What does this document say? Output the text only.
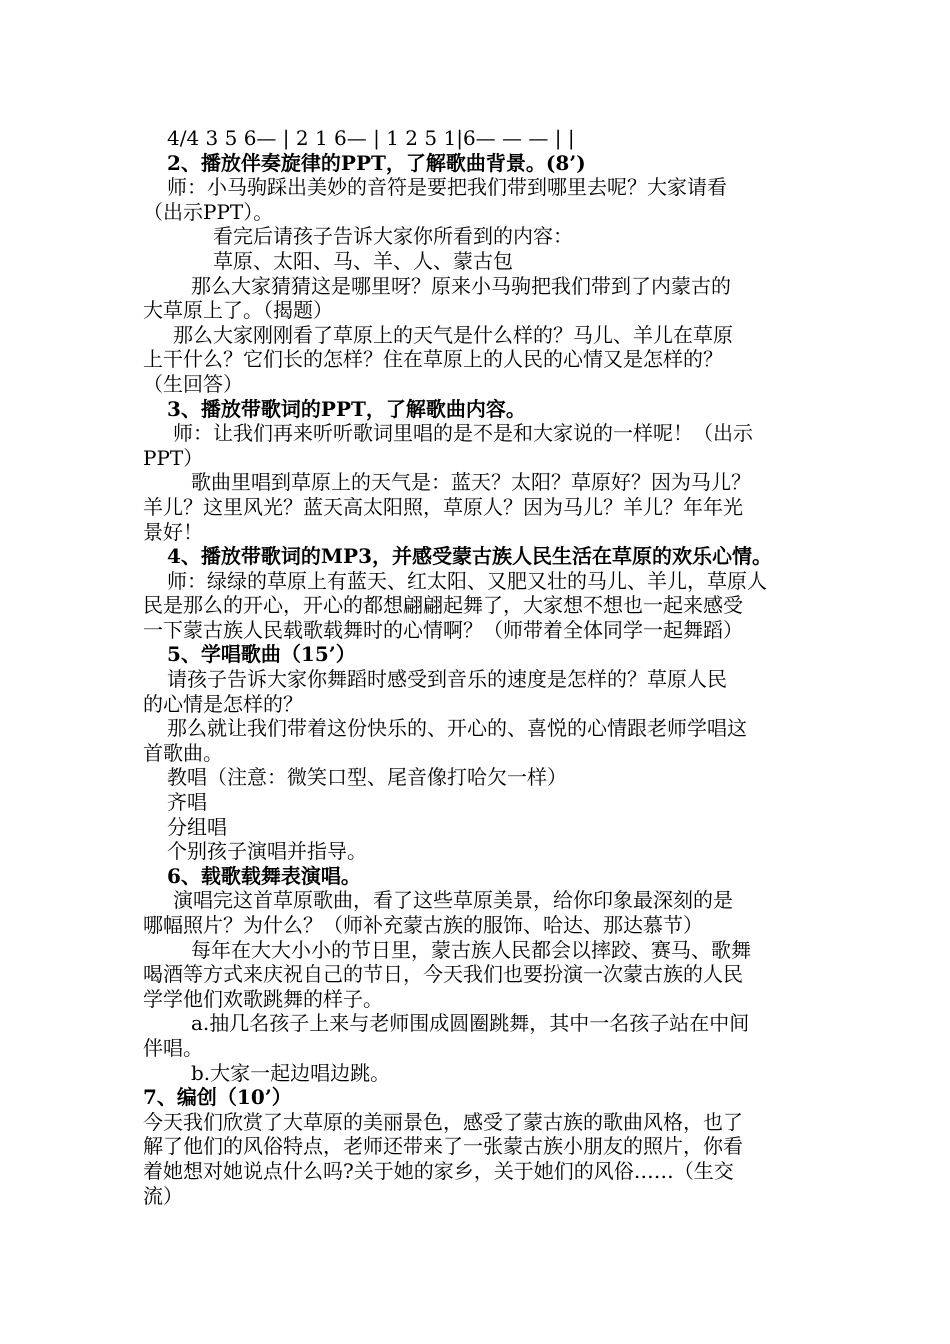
4/4 3 5 6— | 2 1 6— | 1 2 5 1|6— — — | |
2、播放伴奏旋律的PPT，了解歌曲背景。(8’)
师：小马驹踩出美妙的音符是要把我们带到哪里去呢？大家请看
（出示PPT）。
看完后请孩子告诉大家你所看到的内容：
草原、太阳、马、羊、人、蒙古包
那么大家猜猜这是哪里呀？原来小马驹把我们带到了内蒙古的
大草原上了。（揭题）
那么大家刚刚看了草原上的天气是什么样的？马儿、羊儿在草原
上干什么？它们长的怎样？住在草原上的人民的心情又是怎样的？
（生回答）
3、播放带歌词的PPT，了解歌曲内容。
师：让我们再来听听歌词里唱的是不是和大家说的一样呢！（出示
PPT）
歌曲里唱到草原上的天气是：蓝天？太阳？草原好？因为马儿？
羊儿？这里风光？蓝天高太阳照，草原人？因为马儿？羊儿？年年光
景好！
4、播放带歌词的MP3，并感受蒙古族人民生活在草原的欢乐心情。
师：绿绿的草原上有蓝天、红太阳、又肥又壮的马儿、羊儿，草原人
民是那么的开心，开心的都想翩翩起舞了，大家想不想也一起来感受
一下蒙古族人民载歌载舞时的心情啊？（师带着全体同学一起舞蹈）
5、学唱歌曲（15’）
请孩子告诉大家你舞蹈时感受到音乐的速度是怎样的？草原人民
的心情是怎样的？
那么就让我们带着这份快乐的、开心的、喜悦的心情跟老师学唱这
首歌曲。
教唱（注意：微笑口型、尾音像打哈欠一样）
齐唱
分组唱
个别孩子演唱并指导。
6、载歌载舞表演唱。
演唱完这首草原歌曲，看了这些草原美景，给你印象最深刻的是
哪幅照片？为什么？（师补充蒙古族的服饰、哈达、那达慕节）
每年在大大小小的节日里，蒙古族人民都会以摔跤、赛马、歌舞
喝酒等方式来庆祝自己的节日，今天我们也要扮演一次蒙古族的人民
学学他们欢歌跳舞的样子。
a.抽几名孩子上来与老师围成圆圈跳舞，其中一名孩子站在中间
伴唱。
b.大家一起边唱边跳。
7、编创（10’）
今天我们欣赏了大草原的美丽景色，感受了蒙古族的歌曲风格，也了
解了他们的风俗特点，老师还带来了一张蒙古族小朋友的照片，你看
着她想对她说点什么吗?关于她的家乡，关于她们的风俗……（生交
流）
